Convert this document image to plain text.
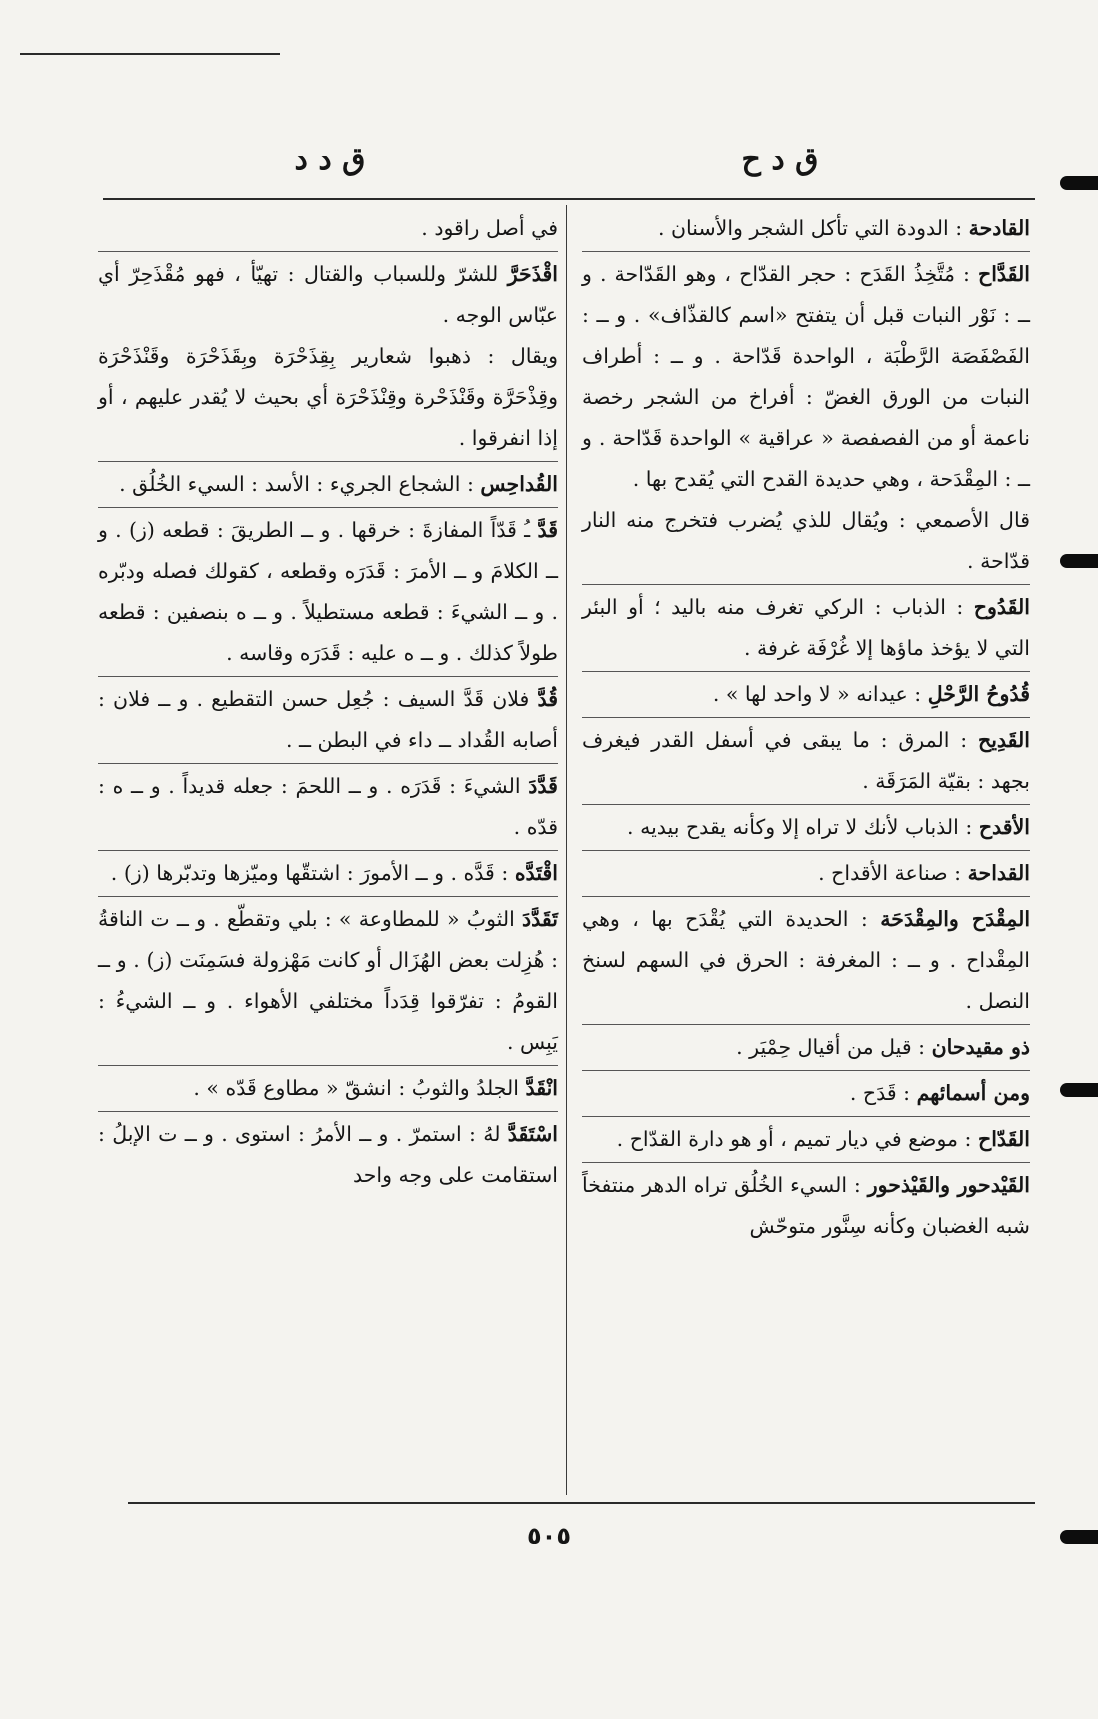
ق د ح
ق د د

القادحة : الدودة التي تأكل الشجر والأسنان .

القَدَّاح : مُتَّخِذُ القَدَح : حجر القدّاح ، وهو القَدّاحة . و ــ : نَوْر النبات قبل أن يتفتح «اسم كالقذّاف» . و ــ : الفَصْفَصَة الرَّطْبَة ، الواحدة قَدّاحة . و ــ : أطراف النبات من الورق الغضّ : أفراخ من الشجر رخصة ناعمة أو من الفصفصة « عراقية » الواحدة قَدّاحة . و ــ : المِقْدَحة ، وهي حديدة القدح التي يُقدح بها .

قال الأصمعي : ويُقال للذي يُضرب فتخرج منه النار قدّاحة .

القَدُوح : الذباب : الركي تغرف منه باليد ؛ أو البئر التي لا يؤخذ ماؤها إلا غُرْفَة غرفة .

قُدُوحُ الرَّحْلِ : عيدانه « لا واحد لها » .

القَدِيح : المرق : ما يبقى في أسفل القدر فيغرف بجهد : بقيّة المَرَقَة .

الأقدح : الذباب لأنك لا تراه إلا وكأنه يقدح بيديه .

القداحة : صناعة الأقداح .

المِقْدَح والمِقْدَحَة : الحديدة التي يُقْدَح بها ، وهي المِقْداح . و ــ : المغرفة : الحرق في السهم لسنخ النصل .

ذو مقيدحان : قيل من أقيال حِمْيَر .

ومن أسمائهم : قَدَح .

القَدّاح : موضع في ديار تميم ، أو هو دارة القدّاح .

القَيْدحور والقَيْذحور : السيء الخُلُق تراه الدهر منتفخاً شبه الغضبان وكأنه سِنَّور متوحّش

في أصل راقود .

اقْذَحَرَّ للشرّ وللسباب والقتال : تهيّأ ، فهو مُقْذَحِرّ أي عبّاس الوجه .

ويقال : ذهبوا شعارير بِقِذَحْرَة وبِقَذَحْرَة وقَنْذَحْرَة وقِذْحَرَّة وقَنْذَحْرة وقِنْذَحْرَة أي بحيث لا يُقدر عليهم ، أو إذا انفرقوا .

القُداحِس : الشجاع الجريء : الأسد : السيء الخُلُق .

قَدَّ ـُ قَدّاً المفازةَ : خرقها . و ــ الطريقَ : قطعه (ز) . و ــ الكلامَ و ــ الأمرَ : قَدَرَه وقطعه ، كقولك فصله ودبّره . و ــ الشيءَ : قطعه مستطيلاً . و ــ ه بنصفين : قطعه طولاً كذلك . و ــ ه عليه : قَدَرَه وقاسه .

قُدَّ فلان قَدَّ السيف : جُعِل حسن التقطيع . و ــ فلان : أصابه القُداد ــ داء في البطن ــ .

قَدَّدَ الشيءَ : قَدَرَه . و ــ اللحمَ : جعله قديداً . و ــ ه : قدّه .

اقْتَدَّه : قَدَّه . و ــ الأمورَ : اشتقّها وميّزها وتدبّرها (ز) .

تَقَدَّدَ الثوبُ « للمطاوعة » : بلي وتقطّع . و ــ ت الناقةُ : هُزِلت بعض الهُزَال أو كانت مَهْزولة فسَمِنَت (ز) . و ــ القومُ : تفرّقوا قِدَداً مختلفي الأهواء . و ــ الشيءُ : يَبِس .

انْقَدَّ الجلدُ والثوبُ : انشقّ « مطاوع قَدّه » .

اسْتَقَدَّ لهُ : استمرّ . و ــ الأمرُ : استوى . و ــ ت الإبلُ : استقامت على وجه واحد

٥٠٥
